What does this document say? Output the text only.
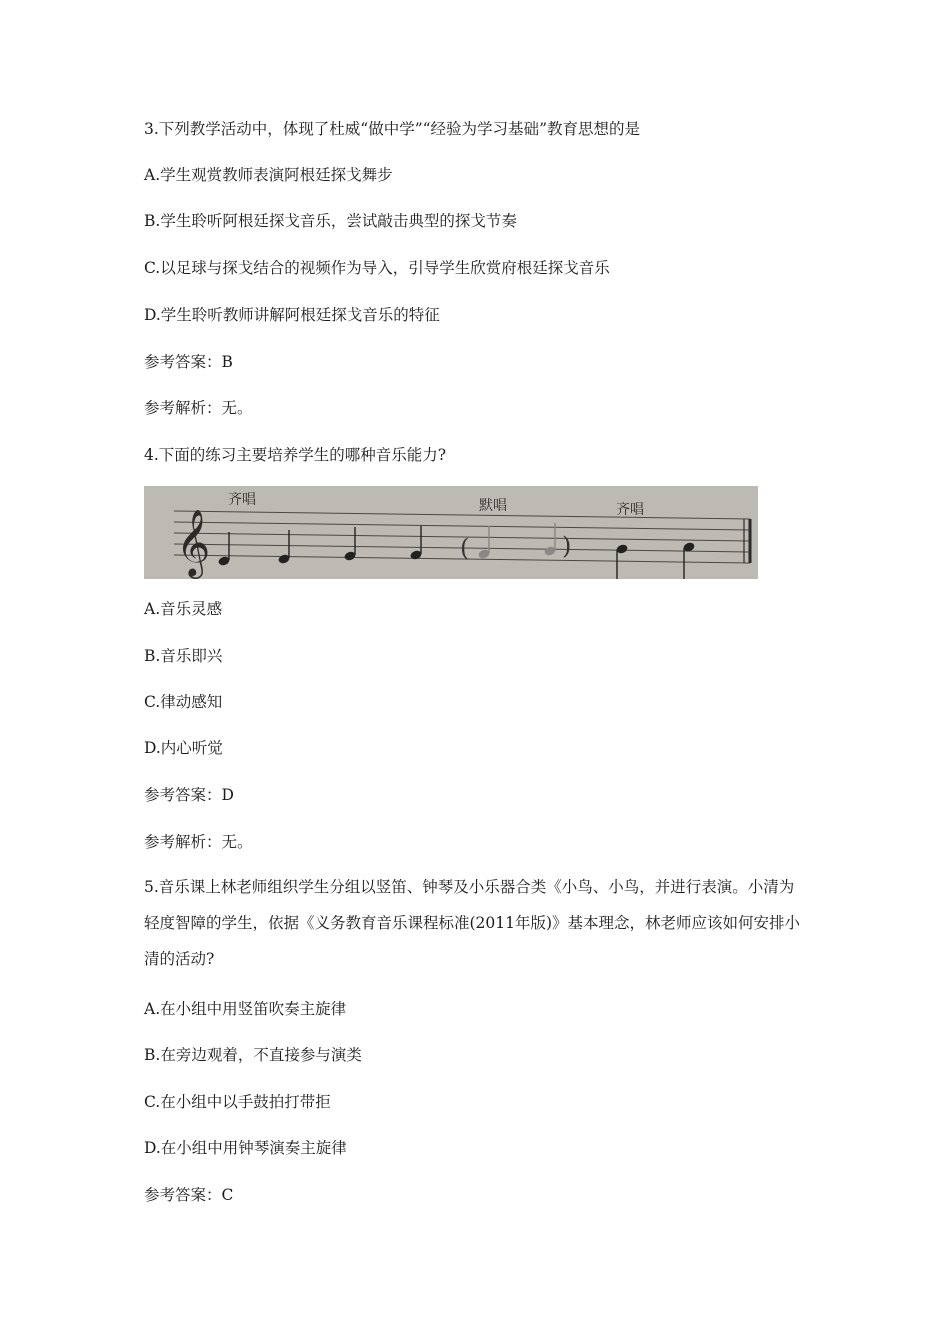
3.下列教学活动中，体现了杜威“做中学”“经验为学习基础”教育思想的是
A.学生观赏教师表演阿根廷探戈舞步
B.学生聆听阿根廷探戈音乐，尝试敲击典型的探戈节奏
C.以足球与探戈结合的视频作为导入，引导学生欣赏府根廷探戈音乐
D.学生聆听教师讲解阿根廷探戈音乐的特征
参考答案：B
参考解析：无。
4.下面的练习主要培养学生的哪种音乐能力?
𝄞
齐唱	默唱	齐唱
(	)
A.音乐灵感
B.音乐即兴
C.律动感知
D.内心听觉
参考答案：D
参考解析：无。
5.音乐课上林老师组织学生分组以竖笛、钟琴及小乐器合类《小鸟、小鸟，并进行表演。小清为轻度智障的学生，依据《义务教育音乐课程标准(2011年版)》基本理念，林老师应该如何安排小清的活动?
A.在小组中用竖笛吹奏主旋律
B.在旁边观着，不直接参与演类
C.在小组中以手鼓拍打带拒
D.在小组中用钟琴演奏主旋律
参考答案：C
